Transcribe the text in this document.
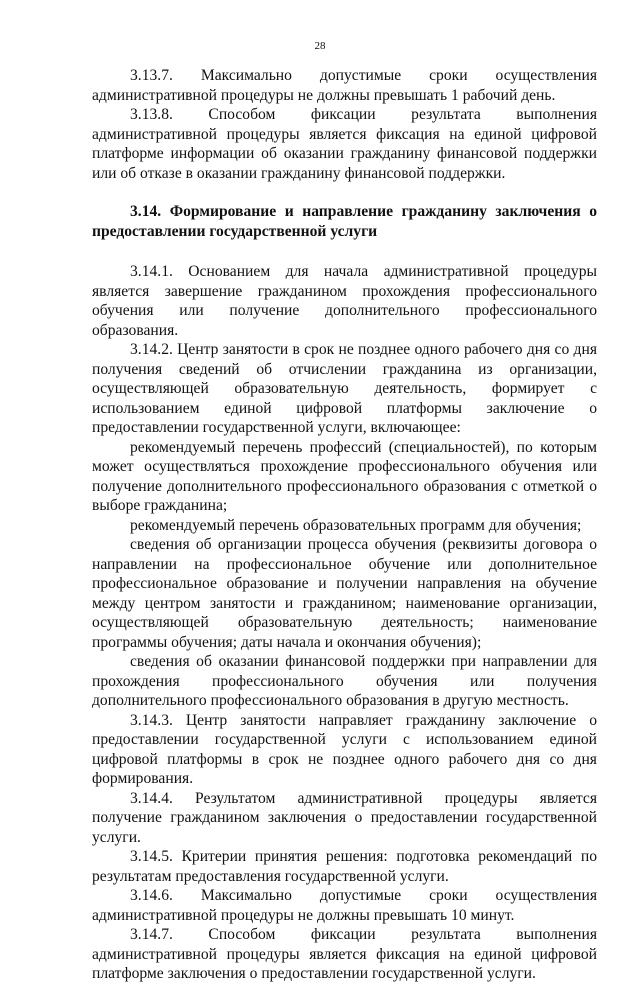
28

3.13.7. Максимально допустимые сроки осуществления административной процедуры не должны превышать 1 рабочий день.

3.13.8. Способом фиксации результата выполнения административной процедуры является фиксация на единой цифровой платформе информации об оказании гражданину финансовой поддержки или об отказе в оказании гражданину финансовой поддержки.

3.14. Формирование и направление гражданину заключения о предоставлении государственной услуги

3.14.1. Основанием для начала административной процедуры является завершение гражданином прохождения профессионального обучения или получение дополнительного профессионального образования.

3.14.2. Центр занятости в срок не позднее одного рабочего дня со дня получения сведений об отчислении гражданина из организации, осуществляющей образовательную деятельность, формирует с использованием единой цифровой платформы заключение о предоставлении государственной услуги, включающее:

рекомендуемый перечень профессий (специальностей), по которым может осуществляться прохождение профессионального обучения или получение дополнительного профессионального образования с отметкой о выборе гражданина;

рекомендуемый перечень образовательных программ для обучения;

сведения об организации процесса обучения (реквизиты договора о направлении на профессиональное обучение или дополнительное профессиональное образование и получении направления на обучение между центром занятости и гражданином; наименование организации, осуществляющей образовательную деятельность; наименование программы обучения; даты начала и окончания обучения);

сведения об оказании финансовой поддержки при направлении для прохождения профессионального обучения или получения дополнительного профессионального образования в другую местность.

3.14.3. Центр занятости направляет гражданину заключение о предоставлении государственной услуги с использованием единой цифровой платформы в срок не позднее одного рабочего дня со дня формирования.

3.14.4. Результатом административной процедуры является получение гражданином заключения о предоставлении государственной услуги.

3.14.5. Критерии принятия решения: подготовка рекомендаций по результатам предоставления государственной услуги.

3.14.6. Максимально допустимые сроки осуществления административной процедуры не должны превышать 10 минут.

3.14.7. Способом фиксации результата выполнения административной процедуры является фиксация на единой цифровой платформе заключения о предоставлении государственной услуги.
